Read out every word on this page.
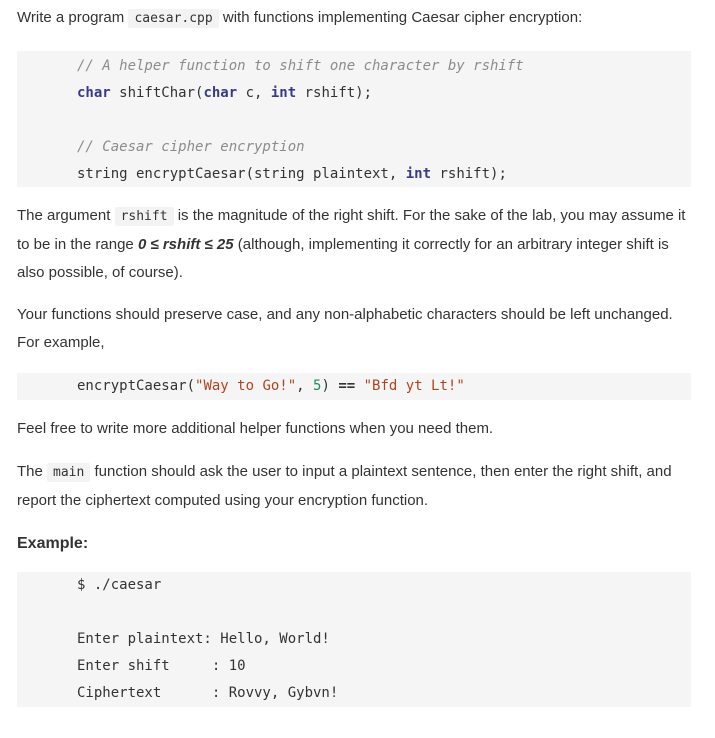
Write a program caesar.cpp with functions implementing Caesar cipher encryption:

// A helper function to shift one character by rshift
char shiftChar(char c, int rshift);

// Caesar cipher encryption
string encryptCaesar(string plaintext, int rshift);

The argument rshift is the magnitude of the right shift. For the sake of the lab, you may assume it to be in the range 0 ≤ rshift ≤ 25 (although, implementing it correctly for an arbitrary integer shift is also possible, of course).

Your functions should preserve case, and any non-alphabetic characters should be left unchanged. For example,

encryptCaesar("Way to Go!", 5) == "Bfd yt Lt!"

Feel free to write more additional helper functions when you need them.

The main function should ask the user to input a plaintext sentence, then enter the right shift, and report the ciphertext computed using your encryption function.

Example:

$ ./caesar

Enter plaintext: Hello, World!
Enter shift     : 10
Ciphertext      : Rovvy, Gybvn!
